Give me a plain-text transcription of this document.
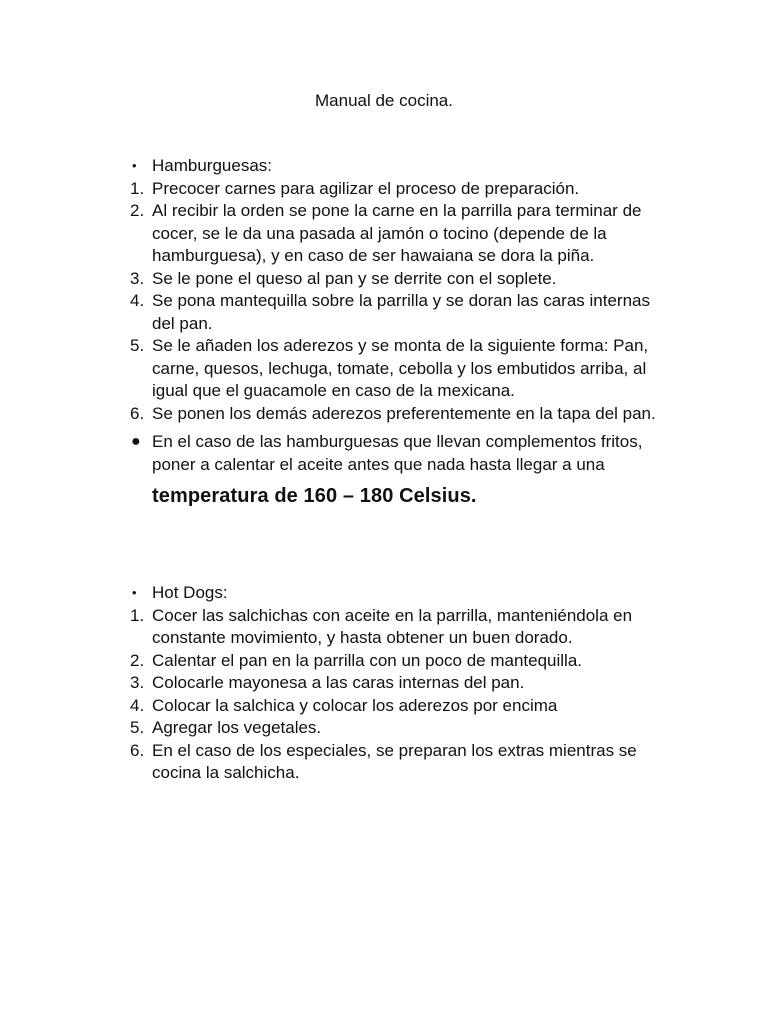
Manual de cocina.
• Hamburguesas:
1. Precocer carnes para agilizar el proceso de preparación.
2. Al recibir la orden se pone la carne en la parrilla para terminar de cocer, se le da una pasada al jamón o tocino (depende de la hamburguesa), y en caso de ser hawaiana se dora la piña.
3. Se le pone el queso al pan y se derrite con el soplete.
4. Se pona mantequilla sobre la parrilla y se doran las caras internas del pan.
5. Se le añaden los aderezos y se monta de la siguiente forma: Pan, carne, quesos, lechuga, tomate, cebolla y los embutidos arriba, al igual que el guacamole en caso de la mexicana.
6. Se ponen los demás aderezos preferentemente en la tapa del pan.
● En el caso de las hamburguesas que llevan complementos fritos, poner a calentar el aceite antes que nada hasta llegar a una
temperatura de 160 – 180 Celsius.
• Hot Dogs:
1. Cocer las salchichas con aceite en la parrilla, manteniéndola en constante movimiento, y hasta obtener un buen dorado.
2. Calentar el pan en la parrilla con un poco de mantequilla.
3. Colocarle mayonesa a las caras internas del pan.
4. Colocar la salchica y colocar los aderezos por encima
5. Agregar los vegetales.
6. En el caso de los especiales, se preparan los extras mientras se cocina la salchicha.
